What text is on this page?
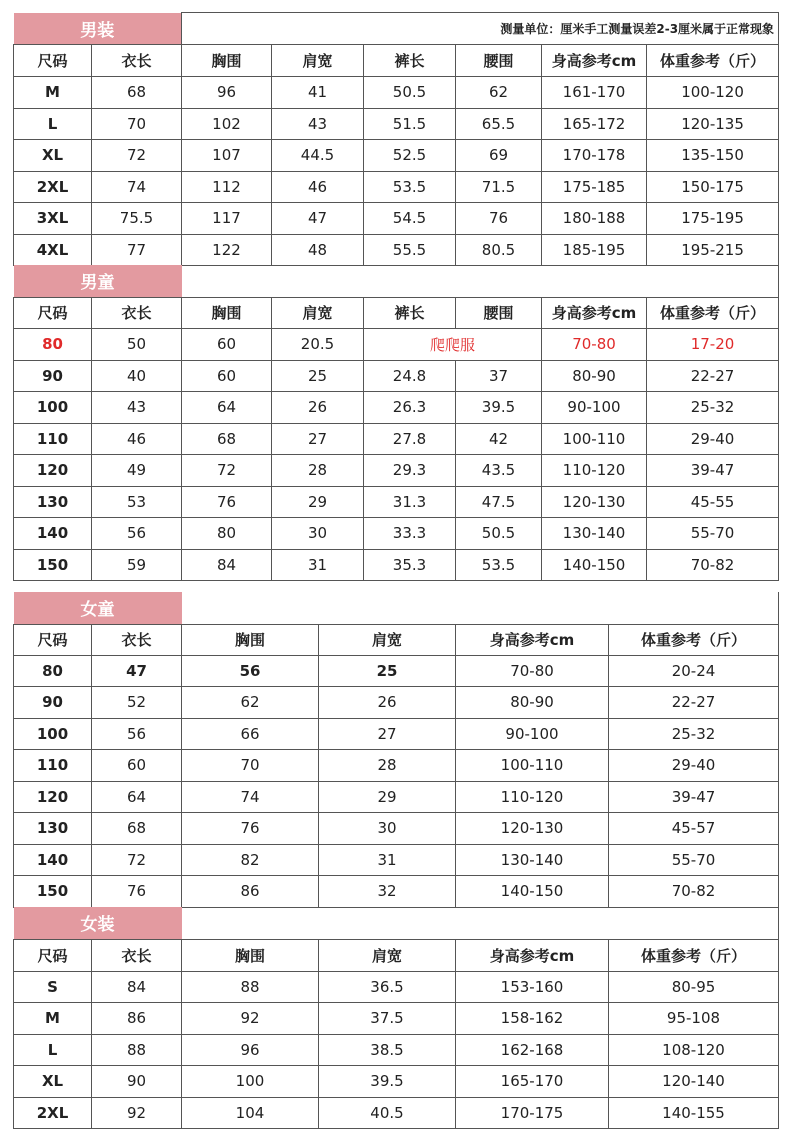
男装		测量单位：厘米手工测量误差2-3厘米属于正常现象					
尺码	衣长	胸围	肩宽	裤长	腰围	身高参考cm	体重参考（斤）
M	68	96	41	50.5	62	161-170	100-120
L	70	102	43	51.5	65.5	165-172	120-135
XL	72	107	44.5	52.5	69	170-178	135-150
2XL	74	112	46	53.5	71.5	175-185	150-175
3XL	75.5	117	47	54.5	76	180-188	175-195
4XL	77	122	48	55.5	80.5	185-195	195-215
男童							
尺码	衣长	胸围	肩宽	裤长	腰围	身高参考cm	体重参考（斤）
80	50	60	20.5	爬爬服		70-80	17-20
90	40	60	25	24.8	37	80-90	22-27
100	43	64	26	26.3	39.5	90-100	25-32
110	46	68	27	27.8	42	100-110	29-40
120	49	72	28	29.3	43.5	110-120	39-47
130	53	76	29	31.3	47.5	120-130	45-55
140	56	80	30	33.3	50.5	130-140	55-70
150	59	84	31	35.3	53.5	140-150	70-82
女童					
尺码	衣长	胸围	肩宽	身高参考cm	体重参考（斤）
80	47	56	25	70-80	20-24
90	52	62	26	80-90	22-27
100	56	66	27	90-100	25-32
110	60	70	28	100-110	29-40
120	64	74	29	110-120	39-47
130	68	76	30	120-130	45-57
140	72	82	31	130-140	55-70
150	76	86	32	140-150	70-82
女装					
尺码	衣长	胸围	肩宽	身高参考cm	体重参考（斤）
S	84	88	36.5	153-160	80-95
M	86	92	37.5	158-162	95-108
L	88	96	38.5	162-168	108-120
XL	90	100	39.5	165-170	120-140
2XL	92	104	40.5	170-175	140-155
